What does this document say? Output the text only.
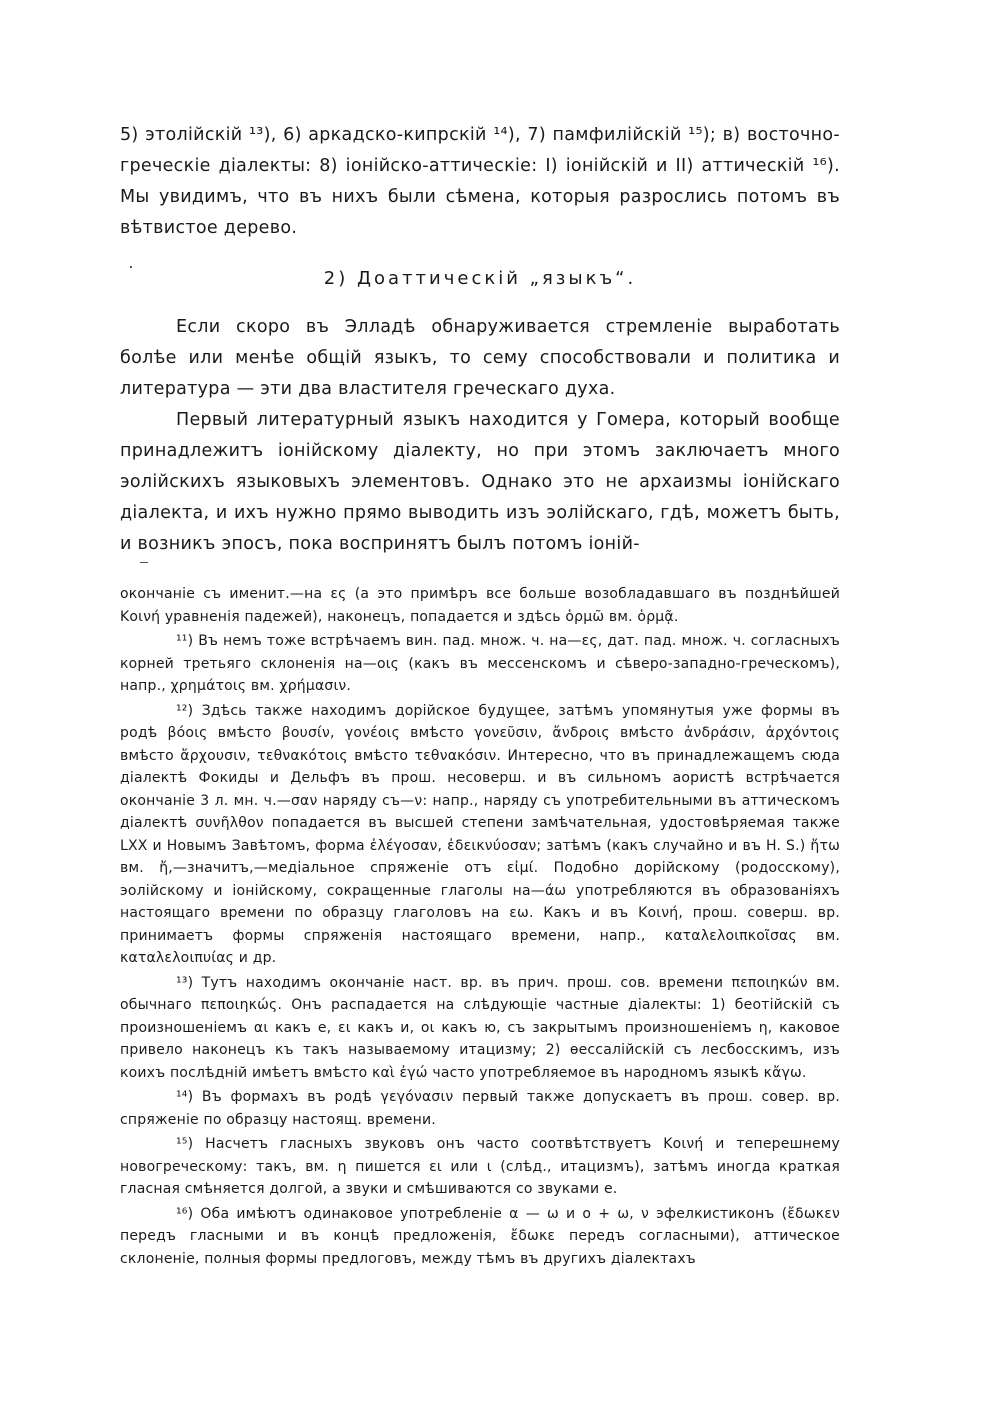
5) этолійскій ¹³), 6) аркадско-кипрскій ¹⁴), 7) памфилійскій ¹⁵); в) восточно-греческіе діалекты: 8) іонійско-аттическіе: I) іонійскій и II) аттическій ¹⁶). Мы увидимъ, что въ нихъ были сѣмена, которыя разрослись потомъ въ вѣтвистое дерево.

2) Доаттическій „языкъ“.

Если скоро въ Элладѣ обнаруживается стремленіе выработать болѣе или менѣе общій языкъ, то сему способствовали и политика и литература — эти два властителя греческаго духа.

Первый литературный языкъ находится у Гомера, который вообще принадлежитъ іонійскому діалекту, но при этомъ заключаетъ много эолійскихъ языковыхъ элементовъ. Однако это не архаизмы іонійскаго діалекта, и ихъ нужно прямо выводить изъ эолійскаго, гдѣ, можетъ быть, и возникъ эпосъ, пока воспринятъ былъ потомъ іоній-

окончаніе съ именит.—на ες (а это примѣръ все больше возобладавшаго въ позднѣйшей Κοινή уравненія падежей), наконецъ, попадается и здѣсь ὁρμῶ вм. ὁρμᾷ.

¹¹) Въ немъ тоже встрѣчаемъ вин. пад. множ. ч. на—ες, дат. пад. множ. ч. согласныхъ корней третьяго склоненія на—οις (какъ въ мессенскомъ и сѣверо-западно-греческомъ), напр., χρημάτοις вм. χρήμασιν.

¹²) Здѣсь также находимъ дорійское будущее, затѣмъ упомянутыя уже формы въ родѣ βόοις вмѣсто βουσίν, γονέοις вмѣсто γονεῦσιν, ἄνδροις вмѣсто ἀνδράσιν, ἀρχόντοις вмѣсто ἄρχουσιν, τεθνακότοις вмѣсто τεθνακόσιν. Интересно, что въ принадлежащемъ сюда діалектѣ Фокиды и Дельфъ въ прош. несоверш. и въ сильномъ аористѣ встрѣчается окончаніе 3 л. мн. ч.—σαν наряду съ—ν: напр., наряду съ употребительными въ аттическомъ діалектѣ συνῆλθον попадается въ высшей степени замѣчательная, удостовѣряемая также LXX и Новымъ Завѣтомъ, форма ἐλέγοσαν, ἐδεικνύοσαν; затѣмъ (какъ случайно и въ H. S.) ἤτω вм. ἤ,—значитъ,—медіальное спряженіе отъ εἰμί. Подобно дорійскому (родосскому), эолійскому и іонійскому, сокращенные глаголы на—άω употребляются въ образованіяхъ настоящаго времени по образцу глаголовъ на εω. Какъ и въ Κοινή, прош. соверш. вр. принимаетъ формы спряженія настоящаго времени, напр., καταλελοιπκοῖσας вм. καταλελοιπυίας и др.

¹³) Тутъ находимъ окончаніе наст. вр. въ прич. прош. сов. времени πεποιηκών вм. обычнаго πεποιηκώς. Онъ распадается на слѣдующіе частные діалекты: 1) беотійскій съ произношеніемъ αι какъ e, ει какъ и, οι какъ ю, съ закрытымъ произношеніемъ η, каковое привело наконецъ къ такъ называемому итацизму; 2) ѳессалійскій съ лесбосскимъ, изъ коихъ послѣдній имѣетъ вмѣсто καὶ ἐγώ часто употребляемое въ народномъ языкѣ κἄγω.

¹⁴) Въ формахъ въ родѣ γεγόνασιν первый также допускаетъ въ прош. совер. вр. спряженіе по образцу настоящ. времени.

¹⁵) Насчетъ гласныхъ звуковъ онъ часто соотвѣтствуетъ Κοινή и теперешнему новогреческому: такъ, вм. η пишется ει или ι (слѣд., итацизмъ), затѣмъ иногда краткая гласная смѣняется долгой, а звуки и смѣшиваются со звуками e.

¹⁶) Оба имѣютъ одинаковое употребленіе α — ω и ο + ω, ν эфелкистиконъ (ἔδωκεν передъ гласными и въ концѣ предложенія, ἔδωκε передъ согласными), аттическое склоненіе, полныя формы предлоговъ, между тѣмъ въ другихъ діалектахъ
